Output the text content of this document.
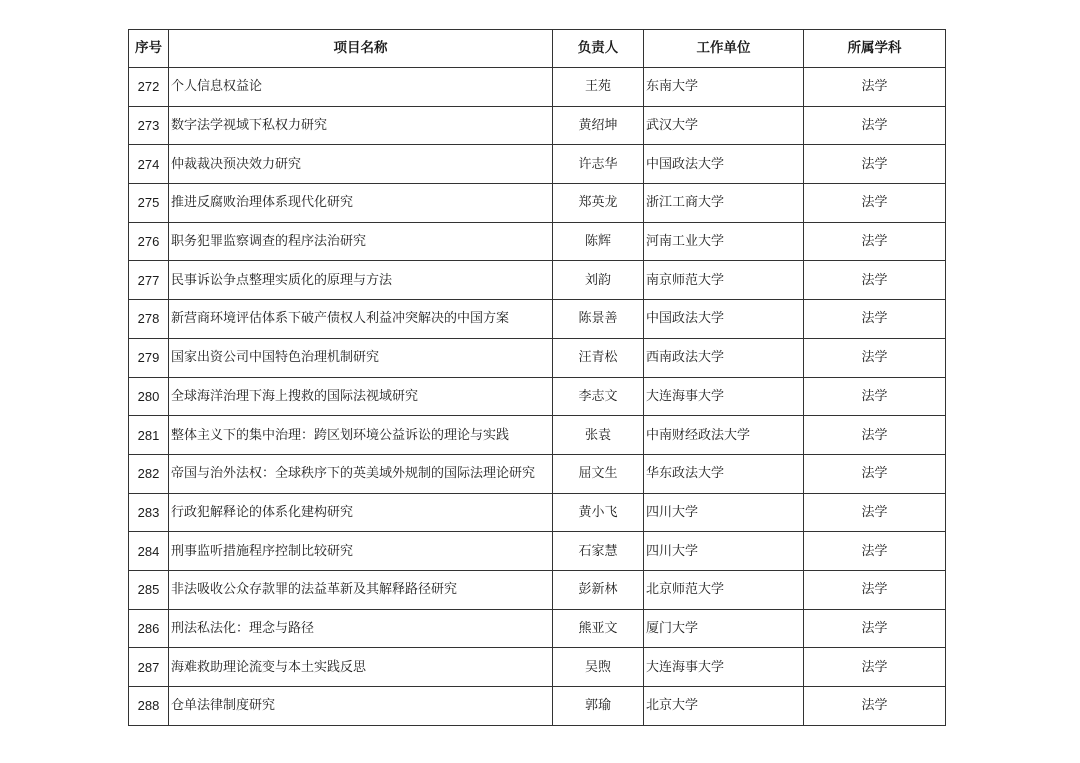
序号	项目名称	负责人	工作单位	所属学科
272	个人信息权益论	王苑	东南大学	法学
273	数字法学视域下私权力研究	黄绍坤	武汉大学	法学
274	仲裁裁决预决效力研究	许志华	中国政法大学	法学
275	推进反腐败治理体系现代化研究	郑英龙	浙江工商大学	法学
276	职务犯罪监察调查的程序法治研究	陈辉	河南工业大学	法学
277	民事诉讼争点整理实质化的原理与方法	刘韵	南京师范大学	法学
278	新营商环境评估体系下破产债权人利益冲突解决的中国方案	陈景善	中国政法大学	法学
279	国家出资公司中国特色治理机制研究	汪青松	西南政法大学	法学
280	全球海洋治理下海上搜救的国际法视域研究	李志文	大连海事大学	法学
281	整体主义下的集中治理：跨区划环境公益诉讼的理论与实践	张袁	中南财经政法大学	法学
282	帝国与治外法权：全球秩序下的英美域外规制的国际法理论研究	屈文生	华东政法大学	法学
283	行政犯解释论的体系化建构研究	黄小飞	四川大学	法学
284	刑事监听措施程序控制比较研究	石家慧	四川大学	法学
285	非法吸收公众存款罪的法益革新及其解释路径研究	彭新林	北京师范大学	法学
286	刑法私法化：理念与路径	熊亚文	厦门大学	法学
287	海难救助理论流变与本土实践反思	吴煦	大连海事大学	法学
288	仓单法律制度研究	郭瑜	北京大学	法学
